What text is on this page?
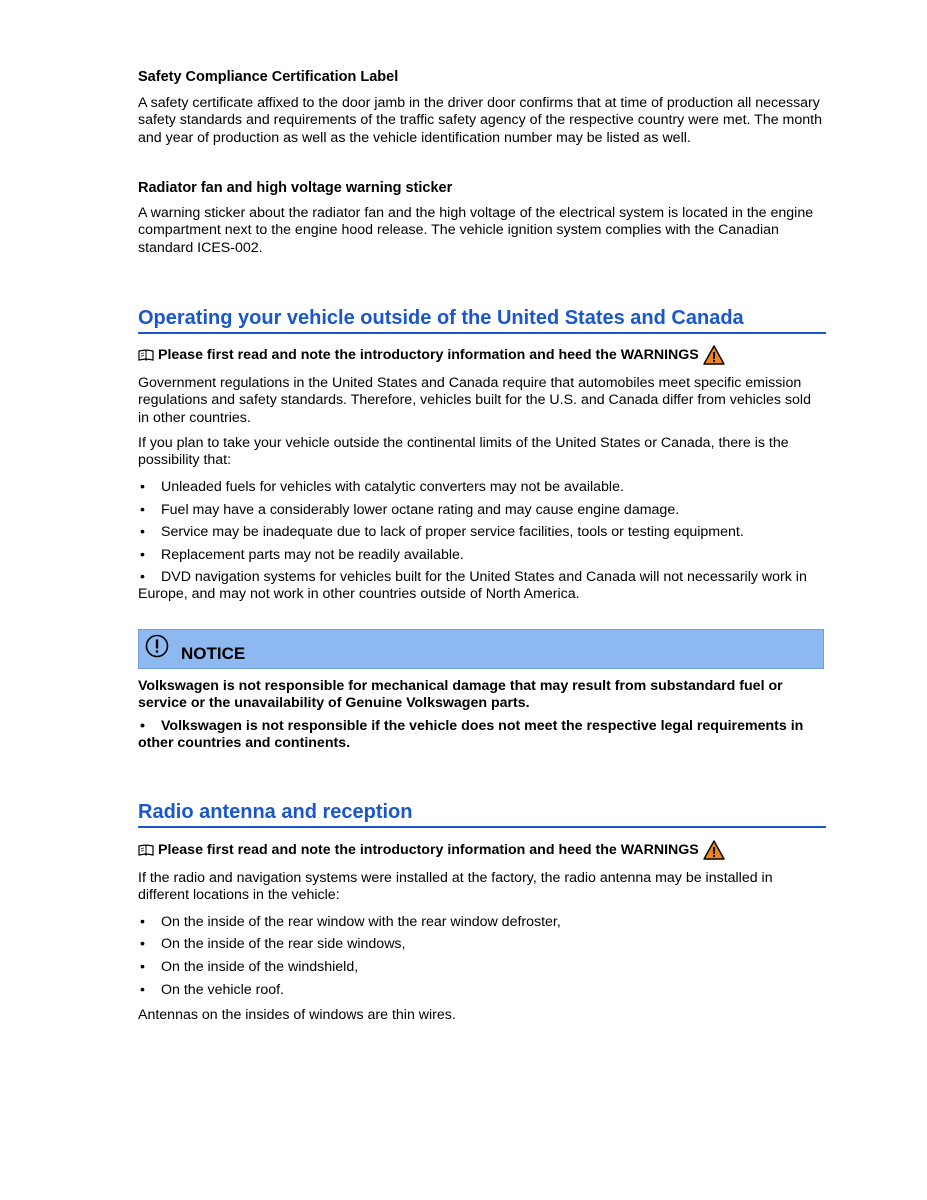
Safety Compliance Certification Label

A safety certificate affixed to the door jamb in the driver door confirms that at time of production all necessary safety standards and requirements of the traffic safety agency of the respective country were met. The month and year of production as well as the vehicle identification number may be listed as well.

Radiator fan and high voltage warning sticker

A warning sticker about the radiator fan and the high voltage of the electrical system is located in the engine compartment next to the engine hood release. The vehicle ignition system complies with the Canadian standard ICES-002.

Operating your vehicle outside of the United States and Canada
Please first read and note the introductory information and heed the WARNINGS

Government regulations in the United States and Canada require that automobiles meet specific emission regulations and safety standards. Therefore, vehicles built for the U.S. and Canada differ from vehicles sold in other countries.

If you plan to take your vehicle outside the continental limits of the United States or Canada, there is the possibility that:

• Unleaded fuels for vehicles with catalytic converters may not be available.

• Fuel may have a considerably lower octane rating and may cause engine damage.

• Service may be inadequate due to lack of proper service facilities, tools or testing equipment.

• Replacement parts may not be readily available.

• DVD navigation systems for vehicles built for the United States and Canada will not necessarily work in Europe, and may not work in other countries outside of North America.

NOTICE

Volkswagen is not responsible for mechanical damage that may result from substandard fuel or service or the unavailability of Genuine Volkswagen parts.

• Volkswagen is not responsible if the vehicle does not meet the respective legal requirements in other countries and continents.

Radio antenna and reception
Please first read and note the introductory information and heed the WARNINGS

If the radio and navigation systems were installed at the factory, the radio antenna may be installed in different locations in the vehicle:

• On the inside of the rear window with the rear window defroster,

• On the inside of the rear side windows,

• On the inside of the windshield,

• On the vehicle roof.

Antennas on the insides of windows are thin wires.
